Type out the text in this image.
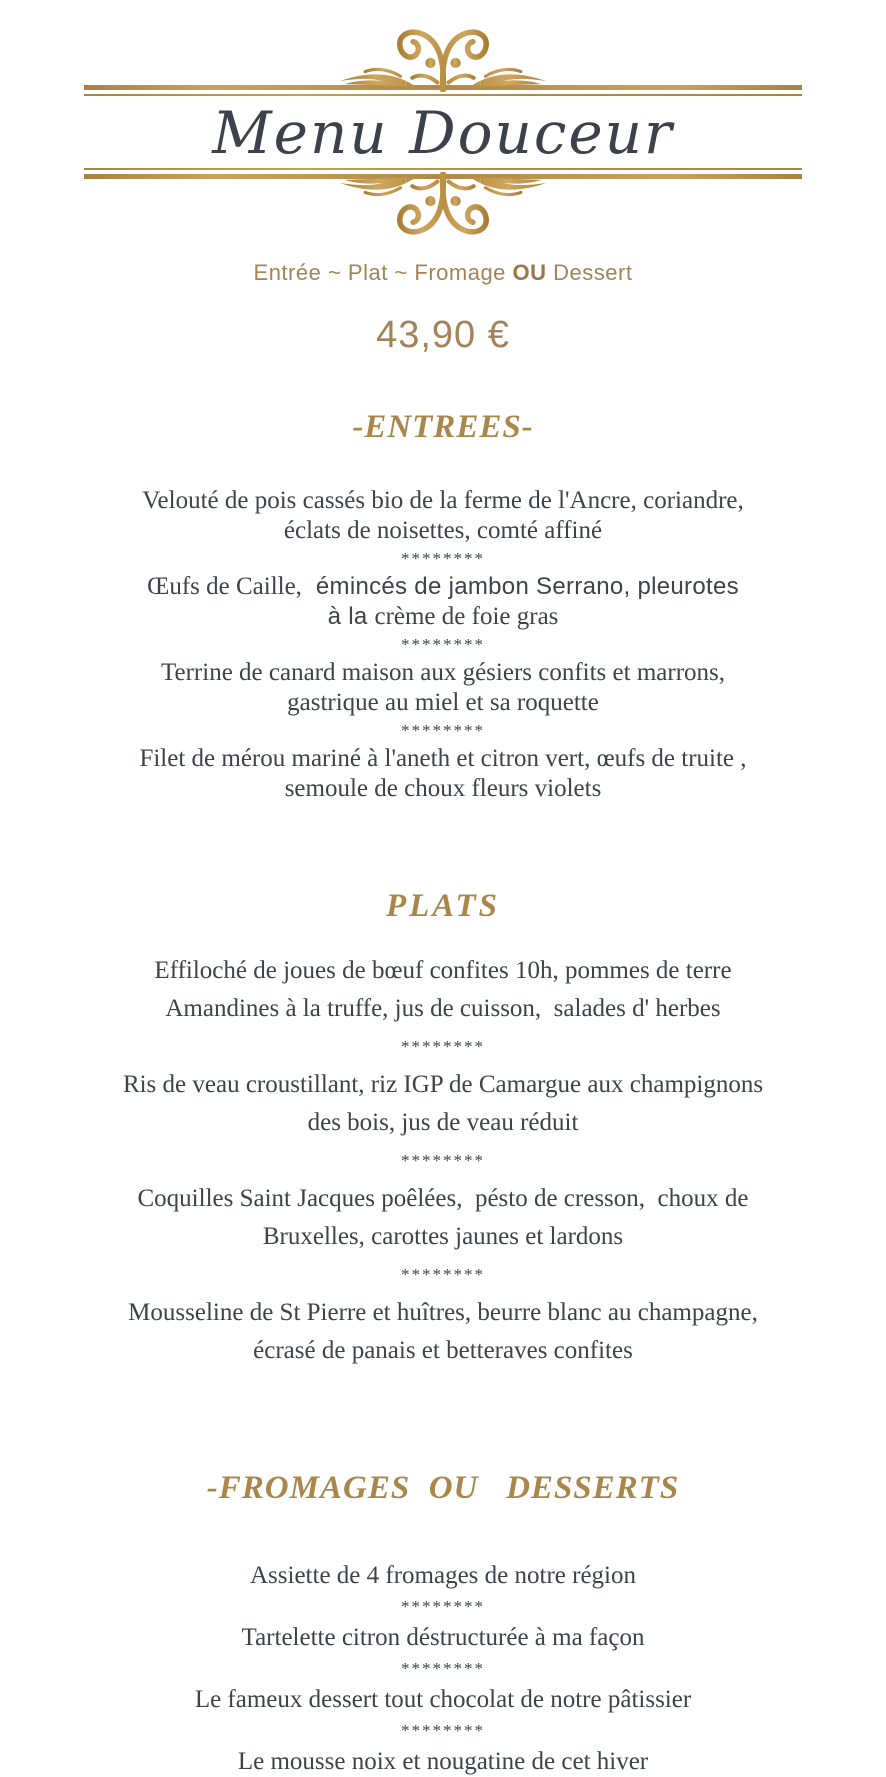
Menu Douceur
Entrée ~ Plat ~ Fromage OU Dessert
43,90 €
-ENTREES-
Velouté de pois cassés bio de la ferme de l'Ancre, coriandre,
éclats de noisettes, comté affiné
********
Œufs de Caille,  émincés de jambon Serrano, pleurotes
à la crème de foie gras
********
Terrine de canard maison aux gésiers confits et marrons,
gastrique au miel et sa roquette
********
Filet de mérou mariné à l'aneth et citron vert, œufs de truite ,
semoule de choux fleurs violets
PLATS
Effiloché de joues de bœuf confites 10h, pommes de terre
Amandines à la truffe, jus de cuisson,  salades d' herbes
********
Ris de veau croustillant, riz IGP de Camargue aux champignons
des bois, jus de veau réduit
********
Coquilles Saint Jacques poêlées,  pésto de cresson,  choux de
Bruxelles, carottes jaunes et lardons
********
Mousseline de St Pierre et huîtres, beurre blanc au champagne,
écrasé de panais et betteraves confites
-FROMAGES  OU   DESSERTS
Assiette de 4 fromages de notre région
********
Tartelette citron déstructurée à ma façon
********
Le fameux dessert tout chocolat de notre pâtissier
********
Le mousse noix et nougatine de cet hiver
